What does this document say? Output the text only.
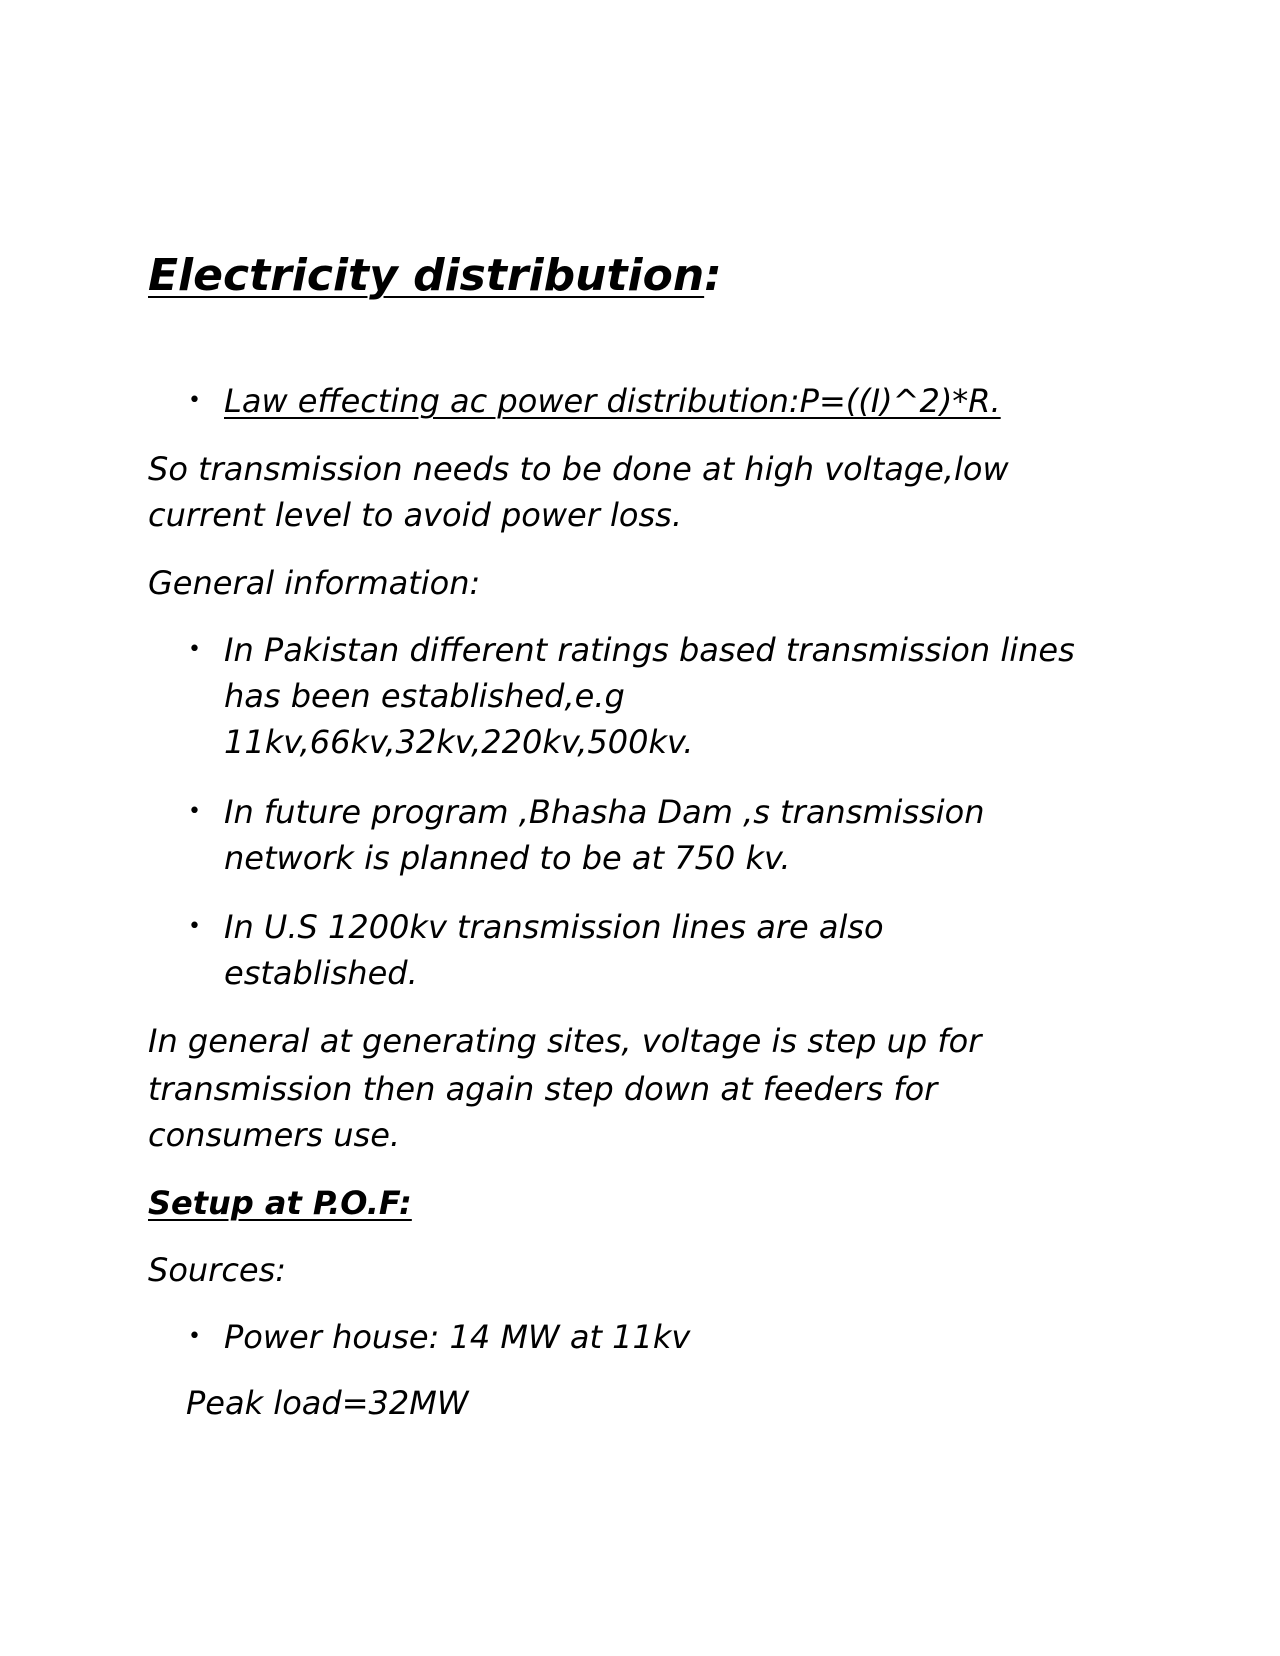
Electricity distribution:
• Law effecting ac power distribution:P=((I)^2)*R.

So transmission needs to be done at high voltage,low

current level to avoid power loss.

General information:

• In Pakistan different ratings based transmission lines

has been established,e.g

11kv,66kv,32kv,220kv,500kv.

• In future program ,Bhasha Dam ,s transmission

network is planned to be at 750 kv.

• In U.S 1200kv transmission lines are also

established.

In general at generating sites, voltage is step up for

transmission then again step down at feeders for

consumers use.

Setup at P.O.F:

Sources:

• Power house: 14 MW at 11kv

Peak load=32MW
